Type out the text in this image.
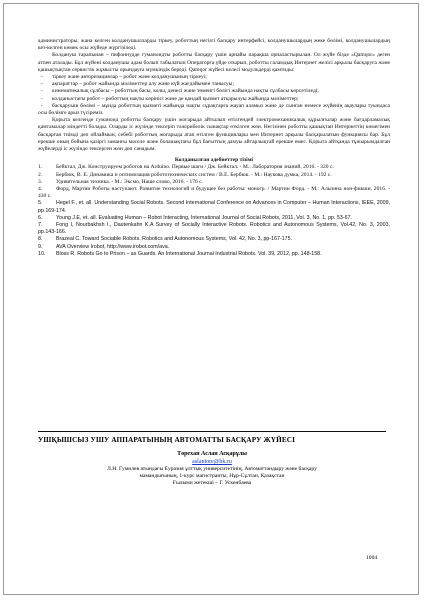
администраторы, жана келген колданушылларды тіркеу, роботтың негізгі басқару интерфейсі, колданушылардың жеке бөлімі, колданушылардың кез-келген көмек осы жүйеде жүргізіледі.

Колдануш тарапынан – пифоннудде гуманоидты роботты басқару үшін арнайы парақша орналастырылан. Ол жүйе бізде «Qamqor» деген атпен аталады. Бұл жүйені колданушы адам болып табылатын Операторға үйде отырып, роботты галамдық Интернет желісі арқылы басқаруға және қашықтықтан сервистік жұмысты орындауға мүмкіндік береді. Qamqor жүйесі келесі модульдерді қамтиды:

- тіркеу және авторизациялар – робот және колданушының тіркеуі;

- ақпараттар – робот жайында мәліметтер алу және күй жағдайымен танысуы;

- кинематикалық сұлбасы – роботтың басы, колы, денесі және төменгі бөлігі жайында нақты сұлбасы көрсетіледі;

- колданыстағы робот – роботтың нақты көрінісі және де қандай қызмет атқарылуы жайында мәліметтер;

- басқаруыш бөлімі – мұнда роботтың қызметі жайында нақты сұрақтарға жауап аламыз және де сынған немесе жүйенің ақаулары туындаса осы бөлімге арыз түсіреміз.

Қорыта келгенде гуманоид роботты басқару үшін жоғарыда айтылып өтілгендей электромеханикалық құрылғылар және бағдарламалық қамтамалар міндетті болады. Оларды іс жүзінде тексеріп тәжірибелік сынақтар өткізген жөн. Негізінен роботты қашықтан Интернеттің көмегімен басқарған тиімді деп ойлаймын, себебі роботтың жоғарыда атап өтілген функциялары мен Интернет арқылы басқарылатын функциясы бар. Бұл ерекше оның бойына қазіргі заманғы мәселе және болашақтағы бұл бағыттың дамуы айтарлықтай ерекше емес. Қорыта айтқанда тұжырымдалған жүйелерді іс жүзінде тексерген жөн деп санадым.

Колданылған әдебиеттер тізімі

1. Бейктал, Дж. Конструируем роботов на Arduino. Первые шаги / Дж. Бейктал. - М.: Лаборатория знаний, 2016. - 320 с.

2. Бербюк, В. Е. Динамика и оптимизация робототехнических систем / В.Е. Бербюк. - М.: Наукова думка, 2014. - 192 c.

3. Удивительная техника. - М.: Эксмо, Наше слово, 2016. - 176 c.

4. Форд, Мартин Роботы наступают. Развитие технологий и будущее без работы: моногр. / Мартин Форд. - М.: Альпина нон-фикшн, 2016. - 430 c.

5.	Hegel F., et. all. Understanding Social Robots. Second International Conference on Advances in Computer – Human Interactions, IEEE, 2009, pp.169-174.

6.	Young J.E, et. all. Evaluating Human – Robot Interacting, International Journal of Social Robots, 2011, Vol. 3, No. 1, pp. 53-67.

7.	Fong I, Nourbakhsh I., Dautenkahn K.A Survey of Socially Interactive Robots. Robotics and Autonomous Systems, Vol.42, No. 3, 2003, pp.143-166.

8.	Brazeal C. Toward Sociable Robots. Robotics and Autonomous Systems, Vol. 42, No. 3, pp-167-175.

9.	AVA Overview Irobot, http://www.irobot.com/ava.

10. Bloss R. Robots Go to Prison – as Guards. An International Journal Industrial Robots. Vol. 39, 2012, pp. 148-158.

УШҚЫШСЫЗ УШУ АППАРАТЫНЫҢ АВТОМАТТЫ БАСҚАРУ ЖҮЙЕСІ

Төреxан Аслан Асқарұлы

aslantore@bk.ru

Л.Н. Гумилев атындағы Еуразия ұлттық университетінің, Автоматтандыру және басқару

мамандығының, 1-курс магистранты, Нұр-Сұлтан, Қазақстан

Ғылыми жетекші – Г. Ускенбаева

1004
